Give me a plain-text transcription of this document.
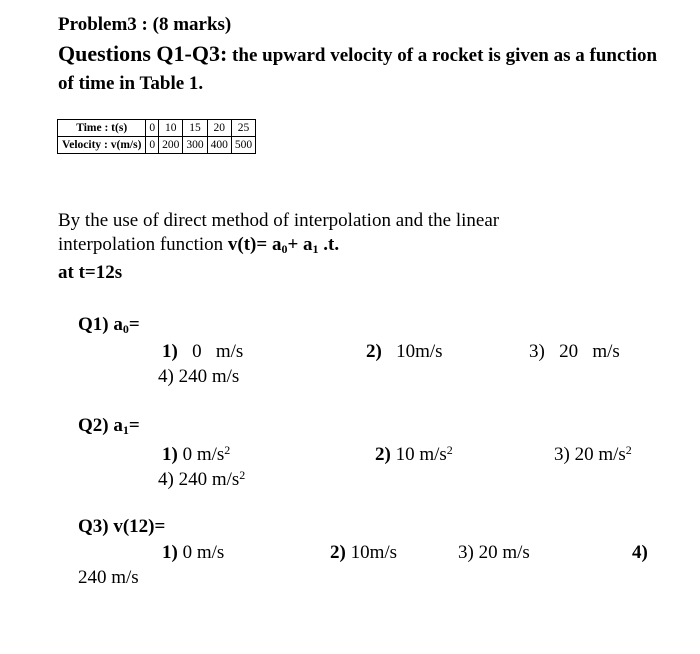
Problem3 : (8 marks)
Questions Q1-Q3: the upward velocity of a rocket is given as a function of time in Table 1.
Time : t(s)	0	10	15	20	25
Velocity : v(m/s)	0	200	300	400	500
By the use of direct method of interpolation and the linear
interpolation function $v(t)= a_0+ a_1$ .t.
at t=12s
Q1) $a_0=$
1) 0   m/s	2) 10m/s	3) 20   m/s
4) 240 m/s
Q2) $a_1=$
1) 0 $m/s^2$	2) 10 $m/s^2$	3) 20 $m/s^2$
4) 240 $m/s^2$
Q3) v(12)=
1) 0 m/s	2) 10m/s	3) 20 m/s	4)
240 m/s
